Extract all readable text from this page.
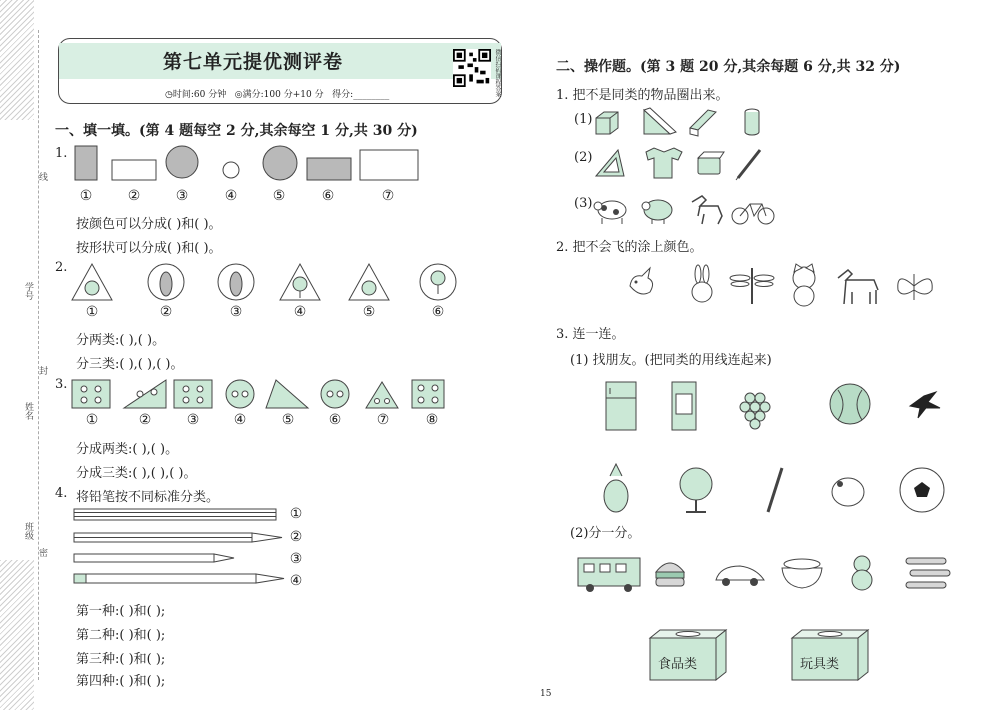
学号
线
封
姓名
班级
密
第七单元提优测评卷
◷时间:60 分钟 ◎满分:100 分+10 分 得分:________	微信扫码课程答案
一、填一填。(第 4 题每空 2 分,其余每空 1 分,共 30 分)
1.
①	②	③	④	⑤	⑥	⑦
按颜色可以分成( )和( )。
按形状可以分成( )和( )。
2.
①	②	③	④	⑤	⑥
分两类:( ),( )。
分三类:( ),( ),( )。
3.
①	②	③ ④	⑤ ⑥	⑦	⑧
分成两类:( ),( )。
分成三类:( ),( ),( )。
4. 将铅笔按不同标准分类。
①
②
③
④
第一种:( )和( );
第二种:( )和( );
第三种:( )和( );
第四种:( )和( );
二、操作题。(第 3 题 20 分,其余每题 6 分,共 32 分)
1. 把不是同类的物品圈出来。
(1)
(2)
(3)
2. 把不会飞的涂上颜色。
3. 连一连。
(1) 找朋友。(把同类的用线连起来)
(2)分一分。
食品类	玩具类
15
